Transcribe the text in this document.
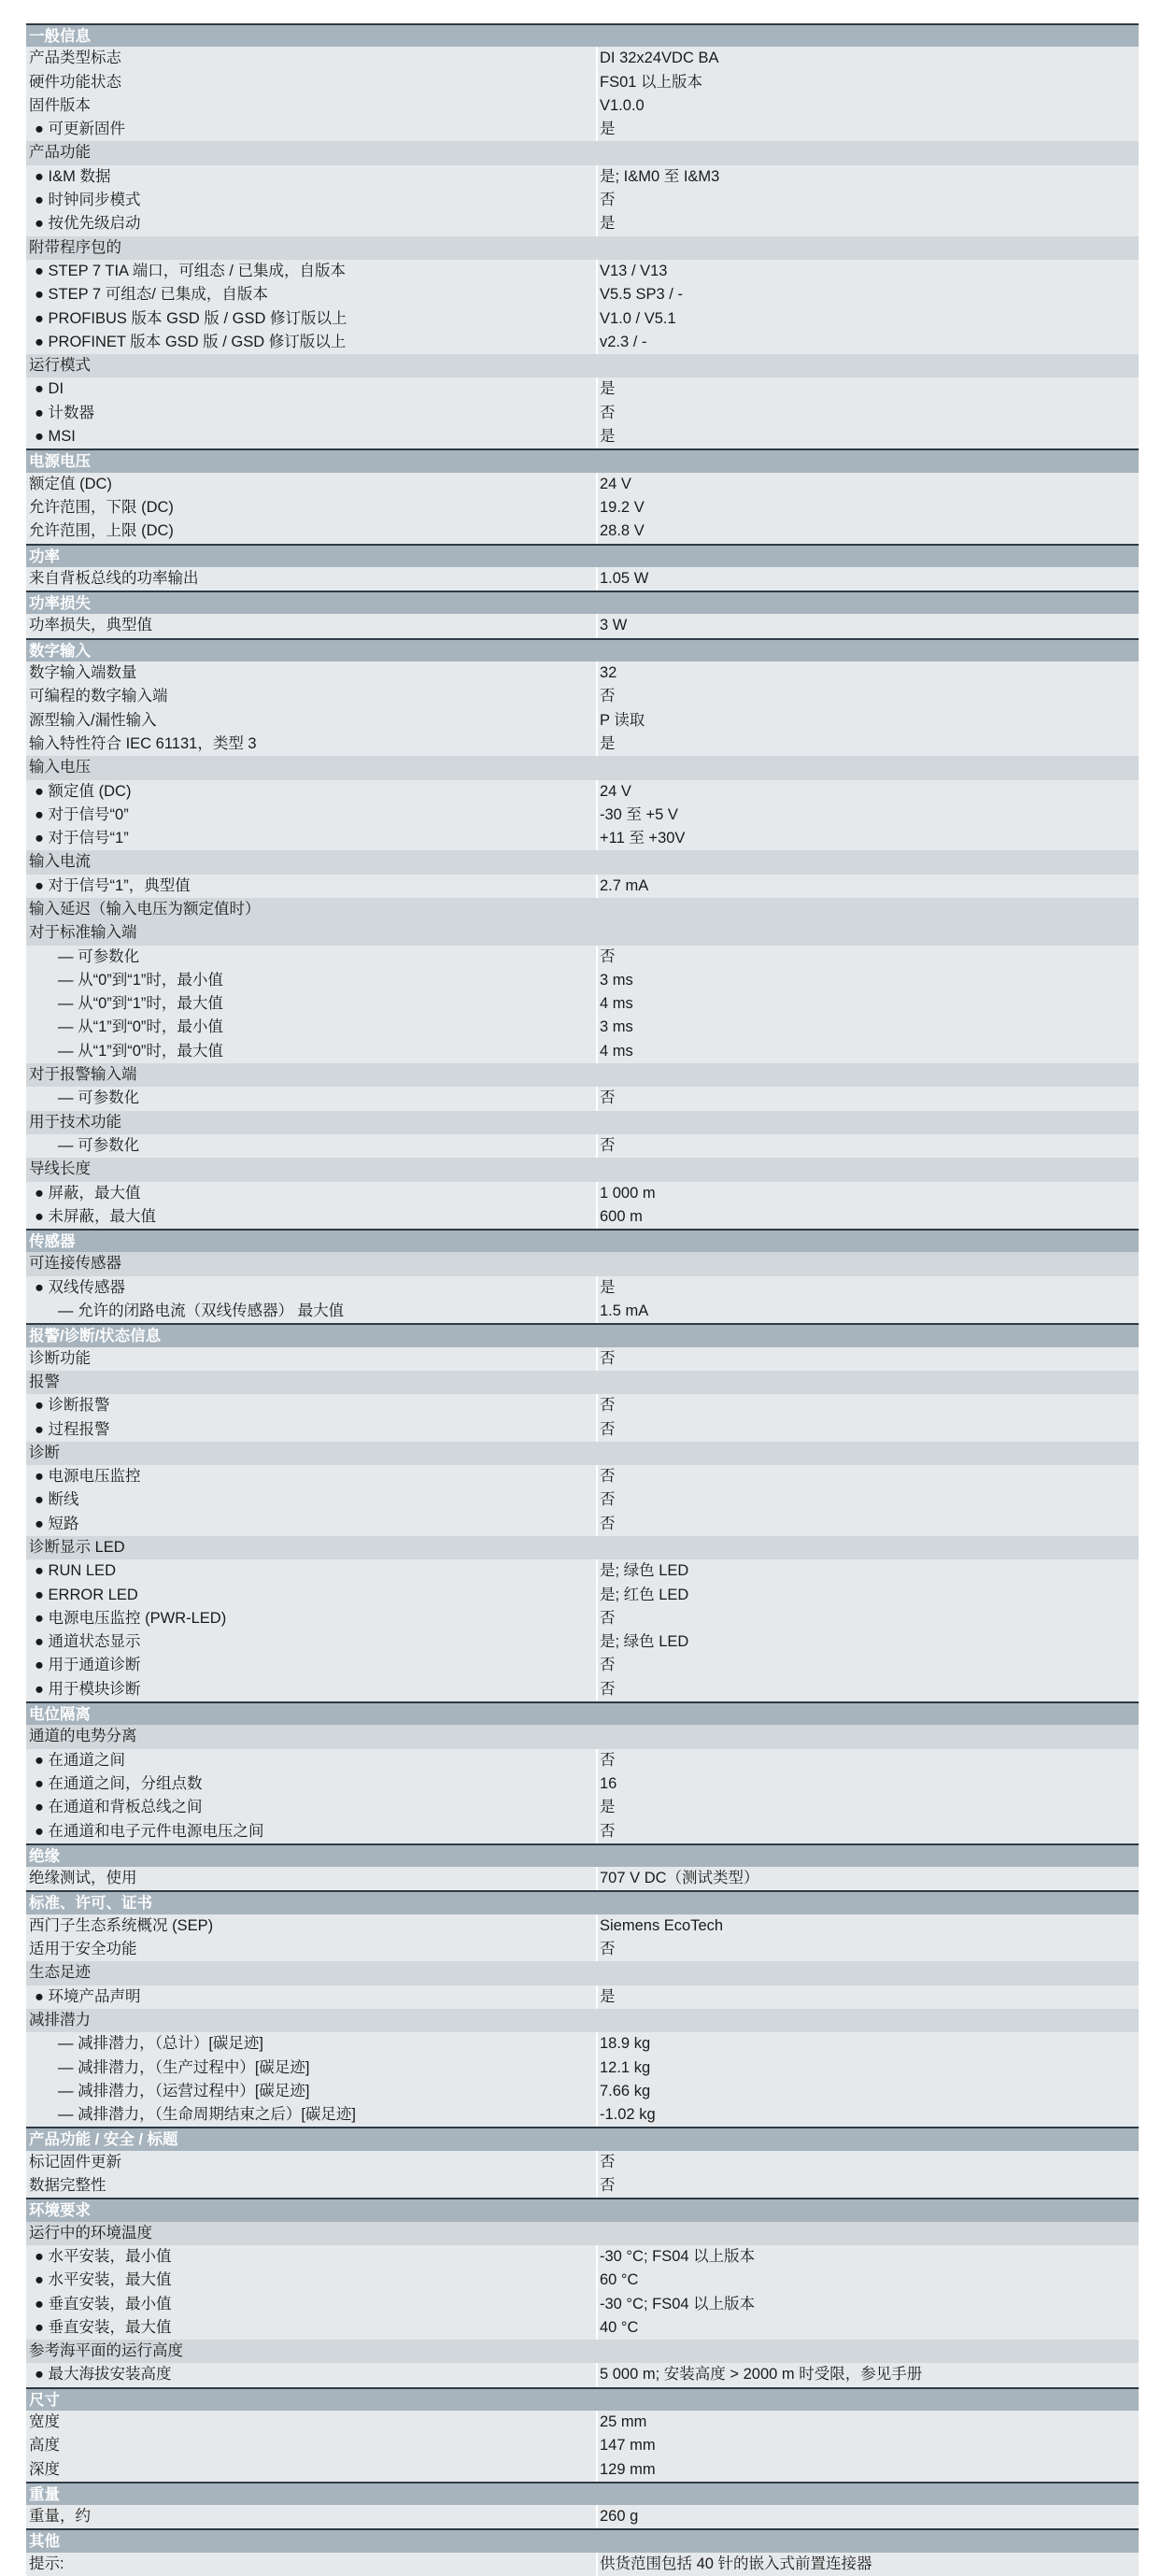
一般信息
产品类型标志	DI 32x24VDC BA
硬件功能状态	FS01 以上版本
固件版本	V1.0.0
● 可更新固件	是
产品功能
● I&M 数据	是; I&M0 至 I&M3
● 时钟同步模式	否
● 按优先级启动	是
附带程序包的
● STEP 7 TIA 端口，可组态 / 已集成，自版本	V13 / V13
● STEP 7 可组态/ 已集成，自版本	V5.5 SP3 / -
● PROFIBUS 版本 GSD 版 / GSD 修订版以上	V1.0 / V5.1
● PROFINET 版本 GSD 版 / GSD 修订版以上	v2.3 / -
运行模式
● DI	是
● 计数器	否
● MSI	是
电源电压
额定值 (DC)	24 V
允许范围，下限 (DC)	19.2 V
允许范围，上限 (DC)	28.8 V
功率
来自背板总线的功率输出	1.05 W
功率损失
功率损失，典型值	3 W
数字输入
数字输入端数量	32
可编程的数字输入端	否
源型输入/漏性输入	P 读取
输入特性符合 IEC 61131，类型 3	是
输入电压
● 额定值 (DC)	24 V
● 对于信号“0”	-30 至 +5 V
● 对于信号“1”	+11 至 +30V
输入电流
● 对于信号“1”，典型值	2.7 mA
输入延迟（输入电压为额定值时）
对于标准输入端
— 可参数化	否
— 从“0”到“1”时，最小值	3 ms
— 从“0”到“1”时，最大值	4 ms
— 从“1”到“0”时，最小值	3 ms
— 从“1”到“0”时，最大值	4 ms
对于报警输入端
— 可参数化	否
用于技术功能
— 可参数化	否
导线长度
● 屏蔽，最大值	1 000 m
● 未屏蔽，最大值	600 m
传感器
可连接传感器
● 双线传感器	是
— 允许的闭路电流（双线传感器） 最大值	1.5 mA
报警/诊断/状态信息
诊断功能	否
报警
● 诊断报警	否
● 过程报警	否
诊断
● 电源电压监控	否
● 断线	否
● 短路	否
诊断显示 LED
● RUN LED	是; 绿色 LED
● ERROR LED	是; 红色 LED
● 电源电压监控 (PWR-LED)	否
● 通道状态显示	是; 绿色 LED
● 用于通道诊断	否
● 用于模块诊断	否
电位隔离
通道的电势分离
● 在通道之间	否
● 在通道之间，分组点数	16
● 在通道和背板总线之间	是
● 在通道和电子元件电源电压之间	否
绝缘
绝缘测试，使用	707 V DC（测试类型）
标准、许可、证书
西门子生态系统概况 (SEP)	Siemens EcoTech
适用于安全功能	否
生态足迹
● 环境产品声明	是
减排潜力
— 减排潜力，（总计）[碳足迹]	18.9 kg
— 减排潜力，（生产过程中）[碳足迹]	12.1 kg
— 减排潜力，（运营过程中）[碳足迹]	7.66 kg
— 减排潜力，（生命周期结束之后）[碳足迹]	-1.02 kg
产品功能 / 安全 / 标题
标记固件更新	否
数据完整性	否
环境要求
运行中的环境温度
● 水平安装，最小值	-30 °C; FS04 以上版本
● 水平安装，最大值	60 °C
● 垂直安装，最小值	-30 °C; FS04 以上版本
● 垂直安装，最大值	40 °C
参考海平面的运行高度
● 最大海拔安装高度	5 000 m; 安装高度 > 2000 m 时受限，参见手册
尺寸
宽度	25 mm
高度	147 mm
深度	129 mm
重量
重量，约	260 g
其他
提示:	供货范围包括 40 针的嵌入式前置连接器
